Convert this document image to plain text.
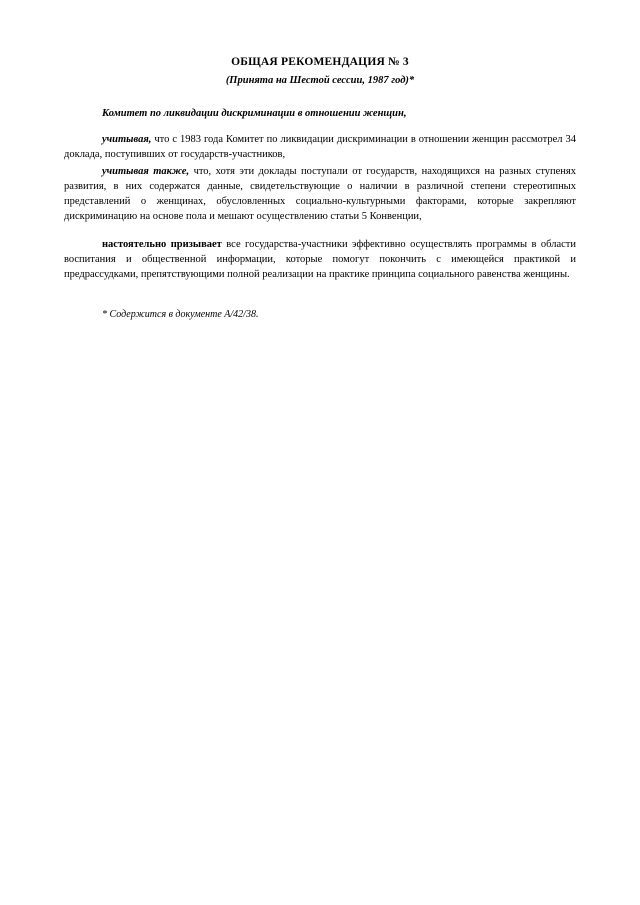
ОБЩАЯ РЕКОМЕНДАЦИЯ № 3
(Принята на Шестой сессии, 1987 год)*
Комитет по ликвидации дискриминации в отношении женщин,

учитывая, что с 1983 года Комитет по ликвидации дискриминации в отношении женщин рассмотрел 34 доклада, поступивших от государств-участников,

учитывая также, что, хотя эти доклады поступали от государств, находящихся на разных ступенях развития, в них содержатся данные, свидетельствующие о наличии в различной степени стереотипных представлений о женщинах, обусловленных социально-культурными факторами, которые закрепляют дискриминацию на основе пола и мешают осуществлению статьи 5 Конвенции,

настоятельно призывает все государства-участники эффективно осуществлять программы в области воспитания и общественной информации, которые помогут покончить с имеющейся практикой и предрассудками, препятствующими полной реализации на практике принципа социального равенства женщины.

* Содержится в документе A/42/38.
